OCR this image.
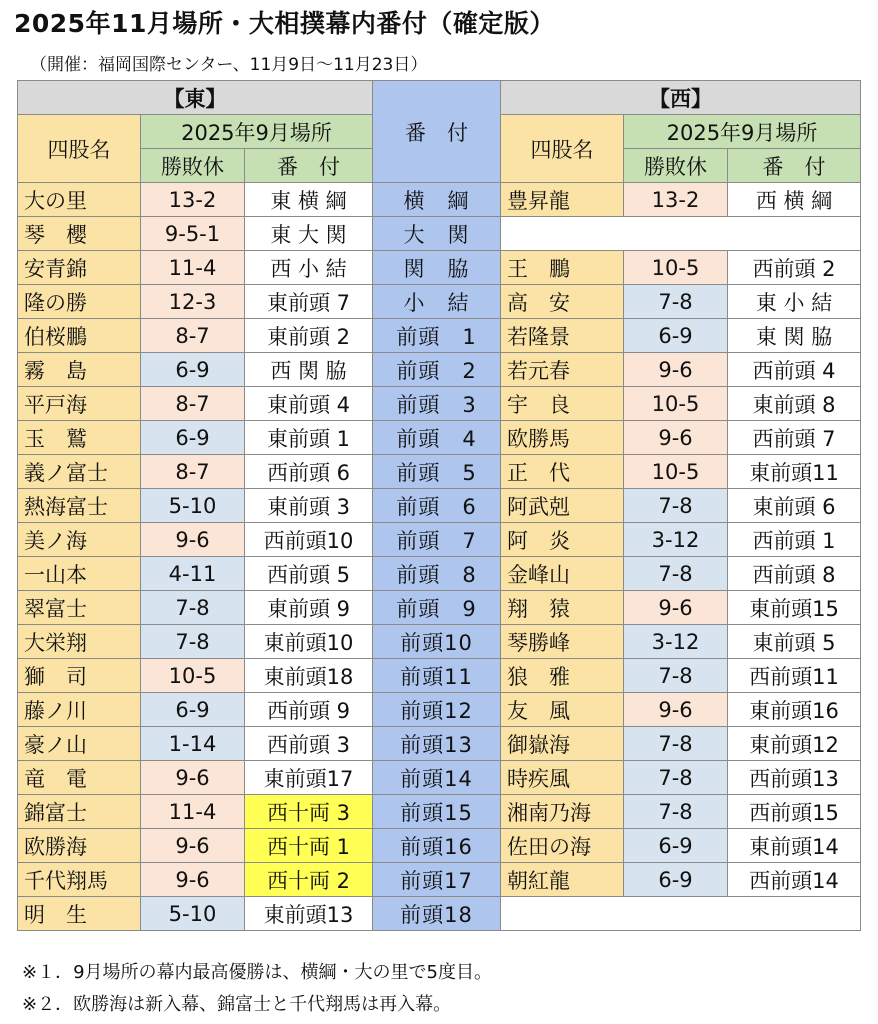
2025年11月場所・大相撲幕内番付（確定版）
（開催：福岡国際センター、11月9日～11月23日）
【東】			番　付	【西】		
四股名	2025年9月場所			四股名	2025年9月場所	
	勝敗休	番　付			勝敗休	番　付
大の里	13-2	東 横 綱	横　綱	豊昇龍	13-2	西 横 綱
琴　櫻	9-5-1	東 大 関	大　関			
安青錦	11-4	西 小 結	関　脇	王　鵬	10-5	西前頭 2
隆の勝	12-3	東前頭 7	小　結	高　安	7-8	東 小 結
伯桜鵬	8-7	東前頭 2	前頭　1	若隆景	6-9	東 関 脇
霧　島	6-9	西 関 脇	前頭　2	若元春	9-6	西前頭 4
平戸海	8-7	東前頭 4	前頭　3	宇　良	10-5	東前頭 8
玉　鷲	6-9	東前頭 1	前頭　4	欧勝馬	9-6	西前頭 7
義ノ富士	8-7	西前頭 6	前頭　5	正　代	10-5	東前頭11
熱海富士	5-10	東前頭 3	前頭　6	阿武剋	7-8	東前頭 6
美ノ海	9-6	西前頭10	前頭　7	阿　炎	3-12	西前頭 1
一山本	4-11	西前頭 5	前頭　8	金峰山	7-8	西前頭 8
翠富士	7-8	東前頭 9	前頭　9	翔　猿	9-6	東前頭15
大栄翔	7-8	東前頭10	前頭10	琴勝峰	3-12	東前頭 5
獅　司	10-5	東前頭18	前頭11	狼　雅	7-8	西前頭11
藤ノ川	6-9	西前頭 9	前頭12	友　風	9-6	東前頭16
豪ノ山	1-14	西前頭 3	前頭13	御嶽海	7-8	東前頭12
竜　電	9-6	東前頭17	前頭14	時疾風	7-8	西前頭13
錦富士	11-4	西十両 3	前頭15	湘南乃海	7-8	西前頭15
欧勝海	9-6	西十両 1	前頭16	佐田の海	6-9	東前頭14
千代翔馬	9-6	西十両 2	前頭17	朝紅龍	6-9	西前頭14
明　生	5-10	東前頭13	前頭18			
※１．9月場所の幕内最高優勝は、横綱・大の里で5度目。
※２．欧勝海は新入幕、錦富士と千代翔馬は再入幕。
